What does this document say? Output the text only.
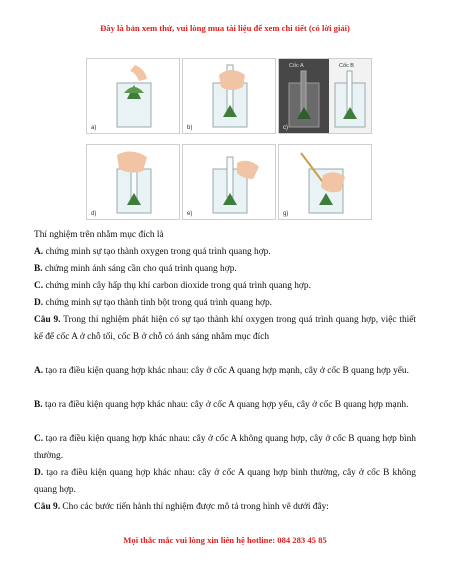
Đây là bản xem thử, vui lòng mua tài liệu để xem chi tiết (có lời giải)
a)	b)
Cốc A	Cốc B
c)
d)	e)	g)
Thí nghiệm trên nhằm mục đích là
A. chứng minh sự tạo thành oxygen trong quá trình quang hợp.
B. chứng minh ánh sáng cần cho quá trình quang hợp.
C. chứng minh cây hấp thụ khí carbon dioxide trong quá trình quang hợp.
D. chứng minh sự tạo thành tinh bột trong quá trình quang hợp.
Câu 9. Trong thí nghiệm phát hiện có sự tạo thành khí oxygen trong quá trình quang hợp, việc thiết kế để cốc A ở chỗ tối, cốc B ở chỗ có ánh sáng nhằm mục đích
A. tạo ra điều kiện quang hợp khác nhau: cây ở cốc A quang hợp mạnh, cây ở cốc B quang hợp yếu.
B. tạo ra điều kiện quang hợp khác nhau: cây ở cốc A quang hợp yếu, cây ở cốc B quang hợp mạnh.
C. tạo ra điều kiện quang hợp khác nhau: cây ở cốc A không quang hợp, cây ở cốc B quang hợp bình thường.
D. tạo ra điều kiện quang hợp khác nhau: cây ở cốc A quang hợp bình thường, cây ở cốc B không quang hợp.
Câu 9. Cho các bước tiến hành thí nghiệm được mô tả trong hình vẽ dưới đây:
Mọi thắc mắc vui lòng xin liên hệ hotline: 084 283 45 85
